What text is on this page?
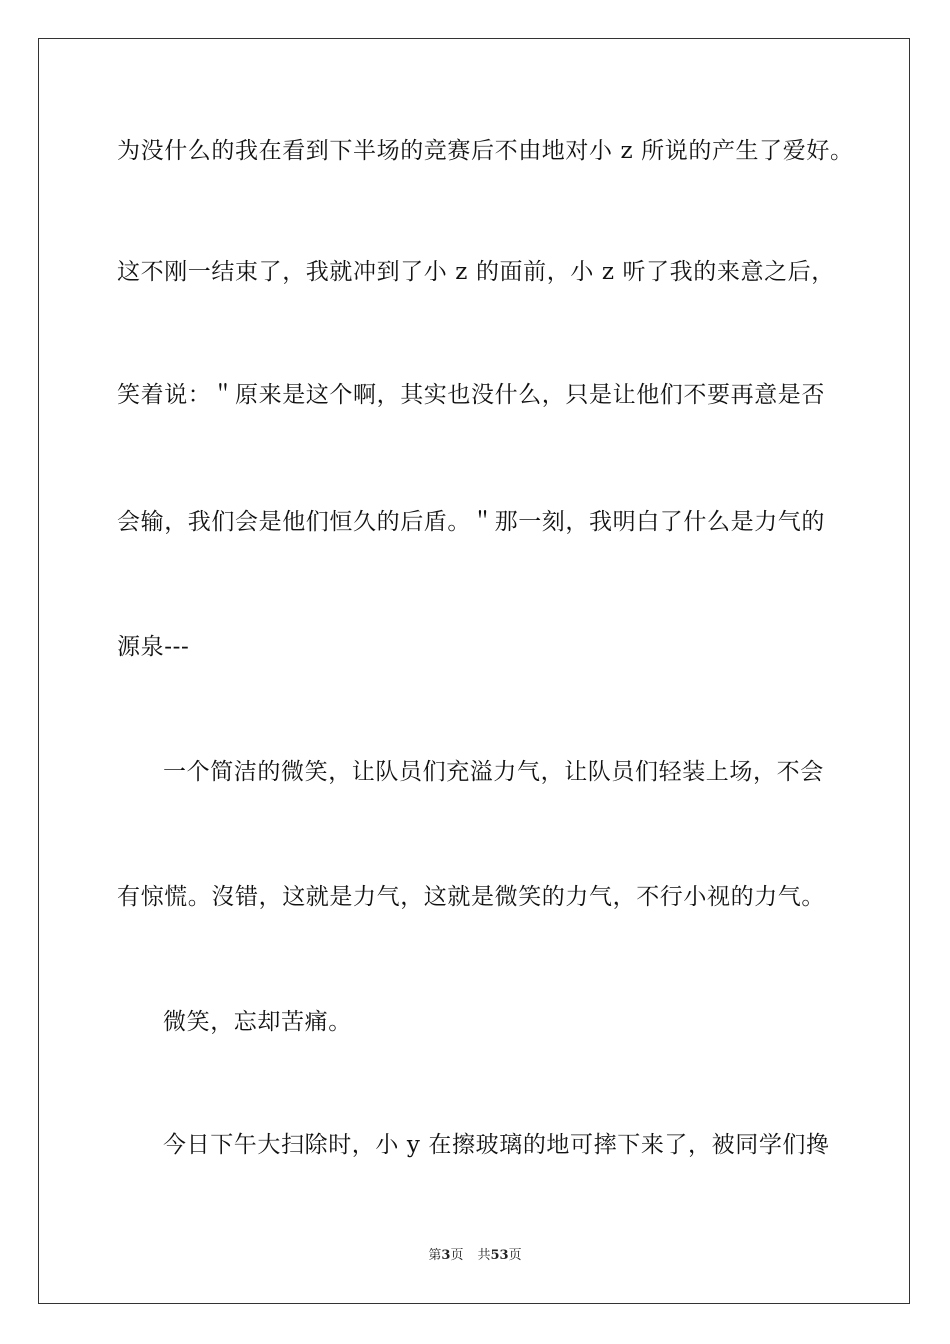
为没什么的我在看到下半场的竞赛后不由地对小 z 所说的产生了爱好。
这不刚一结束了，我就冲到了小 z 的面前，小 z 听了我的来意之后，
笑着说：＂原来是这个啊，其实也没什么，只是让他们不要再意是否
会输，我们会是他们恒久的后盾。＂那一刻，我明白了什么是力气的
源泉---
一个简洁的微笑，让队员们充溢力气，让队员们轻装上场，不会
有惊慌。沒错，这就是力气，这就是微笑的力气，不行小视的力气。
微笑，忘却苦痛。
今日下午大扫除时，小 y 在擦玻璃的地可摔下来了，被同学们搀
第3页 共53页
